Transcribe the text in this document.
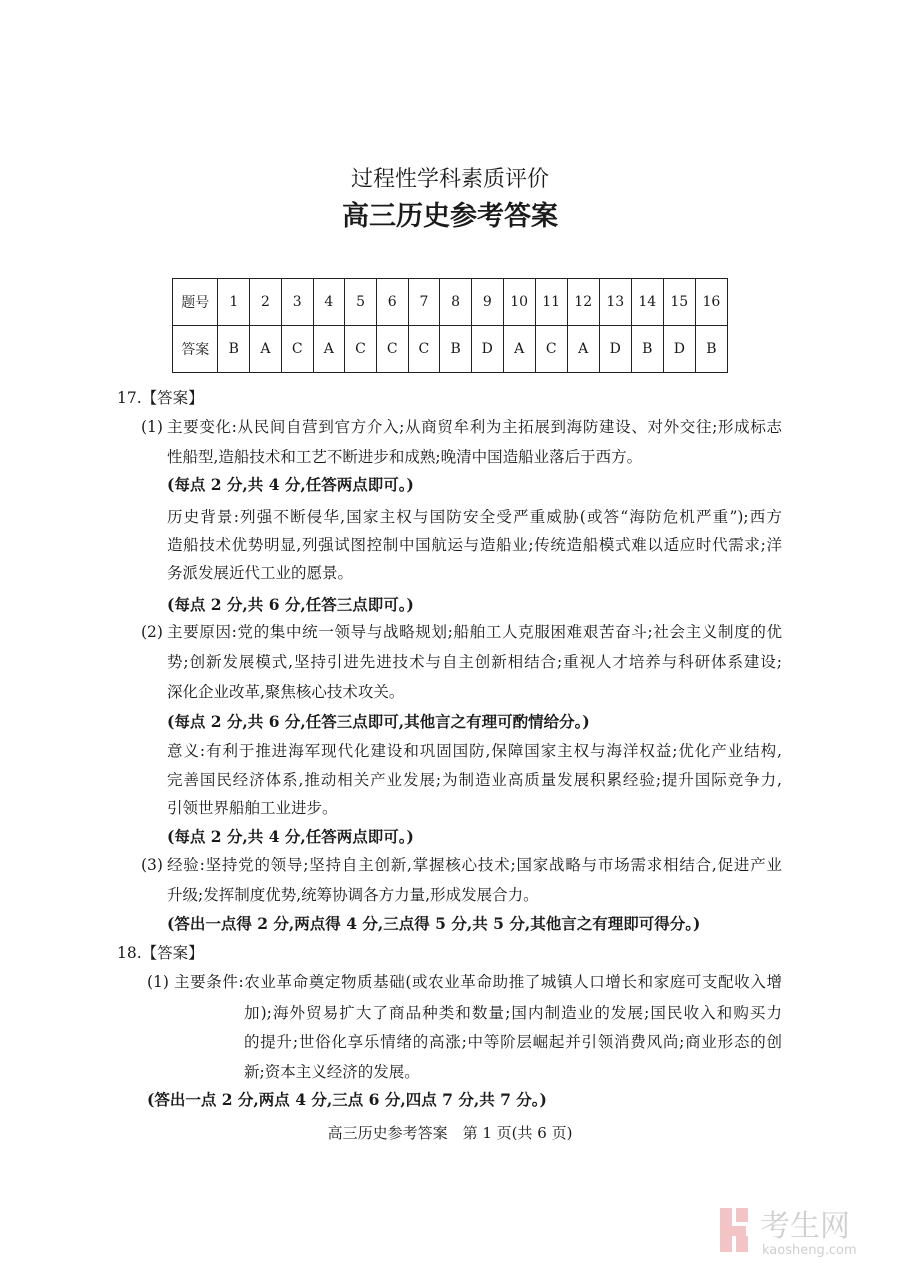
过程性学科素质评价
高三历史参考答案
题号	1	2	3	4	5	6	7	8	9	10	11	12	13	14	15	16
答案	B	A	C	A	C	C	C	B	D	A	C	A	D	B	D	B
17.【答案】
(1) 主要变化:从民间自营到官方介入;从商贸牟利为主拓展到海防建设、对外交往;形成标志
性船型,造船技术和工艺不断进步和成熟;晚清中国造船业落后于西方。
(每点 2 分,共 4 分,任答两点即可。)
历史背景:列强不断侵华,国家主权与国防安全受严重威胁(或答“海防危机严重”);西方
造船技术优势明显,列强试图控制中国航运与造船业;传统造船模式难以适应时代需求;洋
务派发展近代工业的愿景。
(每点 2 分,共 6 分,任答三点即可。)
(2) 主要原因:党的集中统一领导与战略规划;船舶工人克服困难艰苦奋斗;社会主义制度的优
势;创新发展模式,坚持引进先进技术与自主创新相结合;重视人才培养与科研体系建设;
深化企业改革,聚焦核心技术攻关。
(每点 2 分,共 6 分,任答三点即可,其他言之有理可酌情给分。)
意义:有利于推进海军现代化建设和巩固国防,保障国家主权与海洋权益;优化产业结构,
完善国民经济体系,推动相关产业发展;为制造业高质量发展积累经验;提升国际竞争力,
引领世界船舶工业进步。
(每点 2 分,共 4 分,任答两点即可。)
(3) 经验:坚持党的领导;坚持自主创新,掌握核心技术;国家战略与市场需求相结合,促进产业
升级;发挥制度优势,统筹协调各方力量,形成发展合力。
(答出一点得 2 分,两点得 4 分,三点得 5 分,共 5 分,其他言之有理即可得分。)
18.【答案】
(1) 主要条件:农业革命奠定物质基础(或农业革命助推了城镇人口增长和家庭可支配收入增
加);海外贸易扩大了商品种类和数量;国内制造业的发展;国民收入和购买力
的提升;世俗化享乐情绪的高涨;中等阶层崛起并引领消费风尚;商业形态的创
新;资本主义经济的发展。
(答出一点 2 分,两点 4 分,三点 6 分,四点 7 分,共 7 分。)
高三历史参考答案　第 1 页(共 6 页)
考生网
kaosheng.com
